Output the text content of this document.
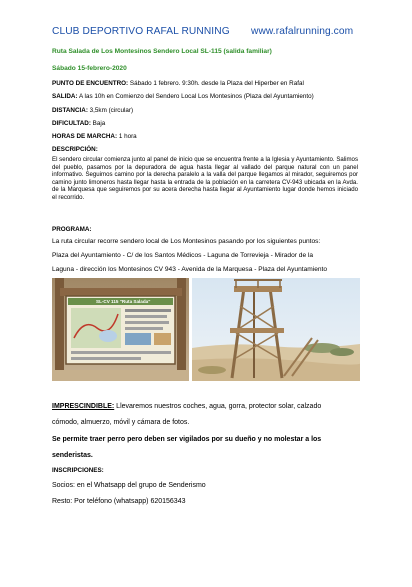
CLUB DEPORTIVO RAFAL RUNNING www.rafalrunning.com
Ruta Salada de Los Montesinos Sendero Local SL-115 (salida familiar)
Sábado 15-febrero-2020
PUNTO DE ENCUENTRO: Sábado 1 febrero. 9:30h. desde la Plaza del Hiperber en Rafal
SALIDA: A las 10h en Comienzo del Sendero Local Los Montesinos (Plaza del Ayuntamiento)
DISTANCIA: 3,5km (circular)
DIFICULTAD: Baja
HORAS DE MARCHA: 1 hora
DESCRIPCIÓN:
El sendero circular comienza junto al panel de inicio que se encuentra frente a la Iglesia y Ayuntamiento. Salimos del pueblo, pasamos por la depuradora de agua hasta llegar al vallado del parque natural con un panel informativo. Seguimos camino por la derecha paralelo a la valla del parque llegamos al mirador, seguiremos por camino junto limoneros hasta llegar hasta la entrada de la población en la carretera CV-943 ubicada en la Avda. de la Marquesa que seguiremos por su acera derecha hasta llegar al Ayuntamiento lugar donde hemos iniciado el recorrido.
PROGRAMA:
La ruta circular recorre sendero local de Los Montesinos pasando por los siguientes puntos:
Plaza del Ayuntamiento - C/ de los Santos Médicos - Laguna de Torrevieja - Mirador de la
Laguna - dirección los Montesinos CV 943 - Avenida de la Marquesa - Plaza del Ayuntamiento
SL-CV 115 "Ruta Salada"
IMPRESCINDIBLE: Llevaremos nuestros coches, agua, gorra, protector solar, calzado
cómodo, almuerzo, móvil y cámara de fotos.
Se permite traer perro pero deben ser vigilados por su dueño y no molestar a los
senderistas.
INSCRIPCIONES:
Socios: en el Whatsapp del grupo de Senderismo
Resto: Por teléfono (whatsapp) 620156343
